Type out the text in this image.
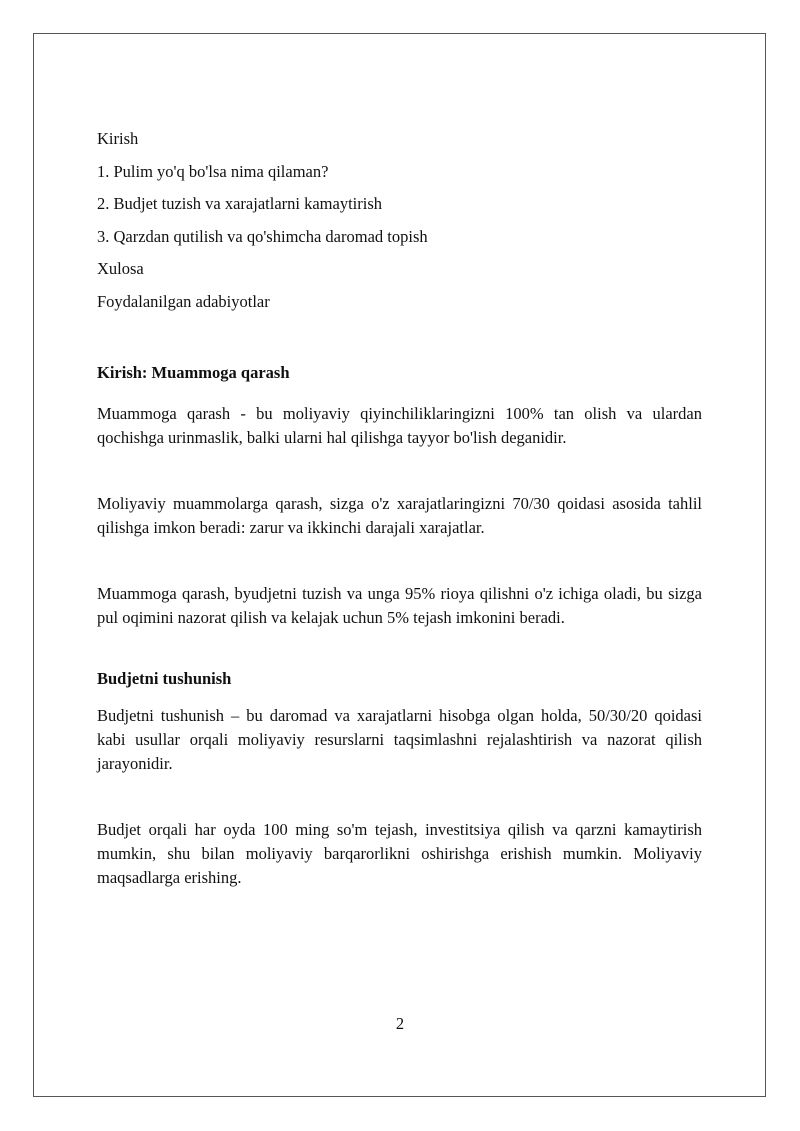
Kirish

1. Pulim yo'q bo'lsa nima qilaman?

2. Budjet tuzish va xarajatlarni kamaytirish

3. Qarzdan qutilish va qo'shimcha daromad topish

Xulosa

Foydalanilgan adabiyotlar

Kirish: Muammoga qarash

Muammoga qarash - bu moliyaviy qiyinchiliklaringizni 100% tan olish va ulardan qochishga urinmaslik, balki ularni hal qilishga tayyor bo'lish deganidir.

Moliyaviy muammolarga qarash, sizga o'z xarajatlaringizni 70/30 qoidasi asosida tahlil qilishga imkon beradi: zarur va ikkinchi darajali xarajatlar.

Muammoga qarash, byudjetni tuzish va unga 95% rioya qilishni o'z ichiga oladi, bu sizga pul oqimini nazorat qilish va kelajak uchun 5% tejash imkonini beradi.

Budjetni tushunish

Budjetni tushunish – bu daromad va xarajatlarni hisobga olgan holda, 50/30/20 qoidasi kabi usullar orqali moliyaviy resurslarni taqsimlashni rejalashtirish va nazorat qilish jarayonidir.

Budjet orqali har oyda 100 ming so'm tejash, investitsiya qilish va qarzni kamaytirish mumkin, shu bilan moliyaviy barqarorlikni oshirishga erishish mumkin. Moliyaviy maqsadlarga erishing.

2
